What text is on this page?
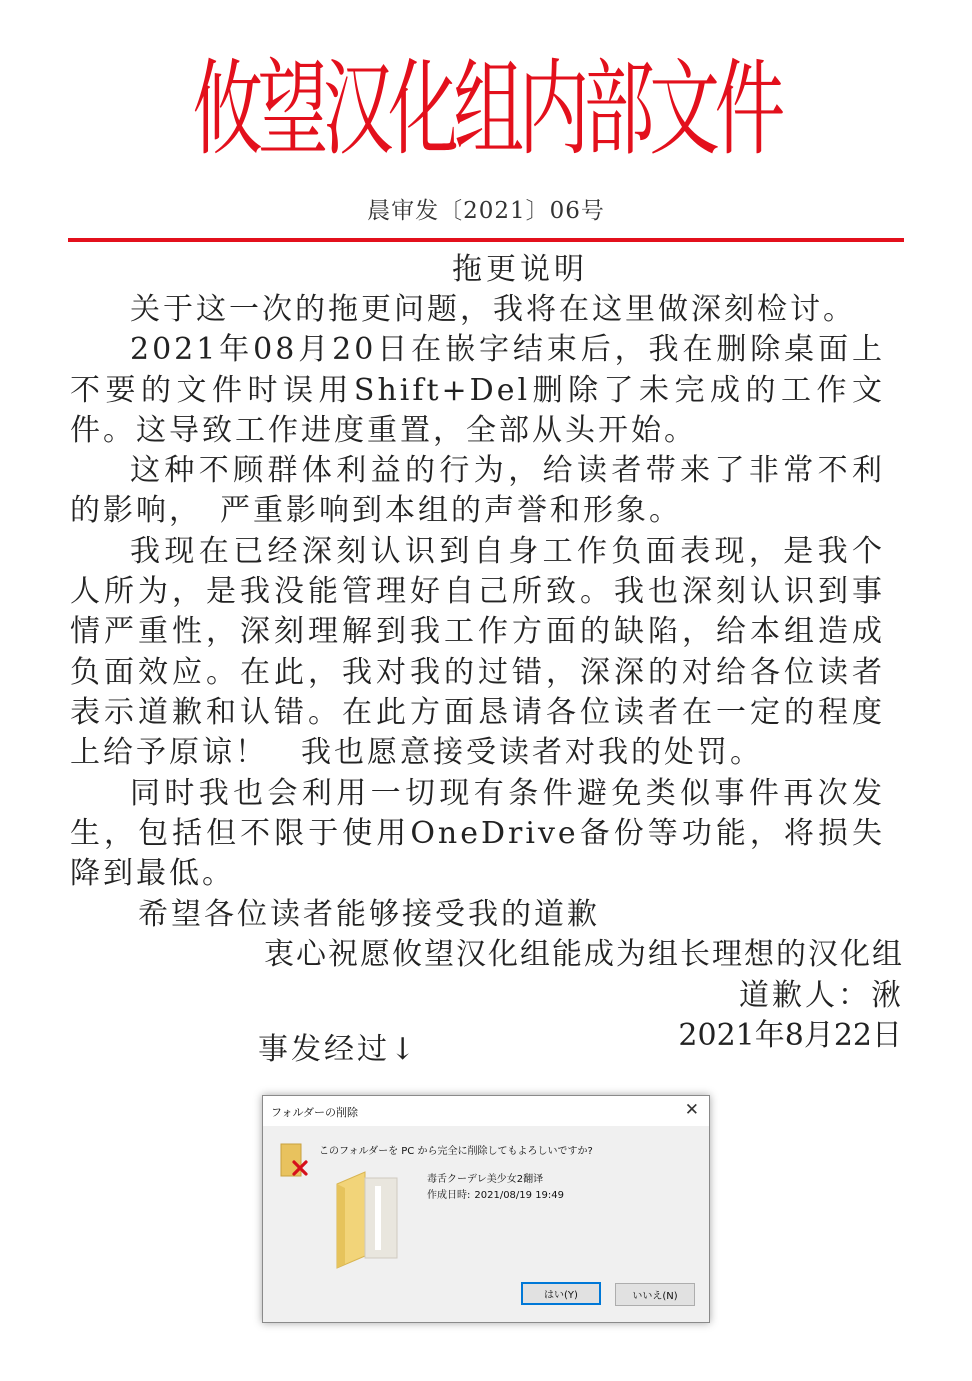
攸望汉化组内部文件
晨审发〔2021〕06号
拖更说明

关于这一次的拖更问题，我将在这里做深刻检讨。

2021年08月20日在嵌字结束后，我在删除桌面上不要的文件时误用Shift+Del删除了未完成的工作文件。这导致工作进度重置，全部从头开始。

这种不顾群体利益的行为，给读者带来了非常不利的影响，　严重影响到本组的声誉和形象。

我现在已经深刻认识到自身工作负面表现，是我个人所为，是我没能管理好自己所致。我也深刻认识到事情严重性，深刻理解到我工作方面的缺陷，给本组造成负面效应。在此，我对我的过错，深深的对给各位读者表示道歉和认错。在此方面恳请各位读者在一定的程度上给予原谅！　我也愿意接受读者对我的处罚。

同时我也会利用一切现有条件避免类似事件再次发生，包括但不限于使用OneDrive备份等功能，将损失降到最低。

希望各位读者能够接受我的道歉
衷心祝愿攸望汉化组能成为组长理想的汉化组
道歉人：湫
2021年8月22日
事发经过↓
フォルダーの削除	✕
このフォルダーを PC から完全に削除してもよろしいですか?
毒舌クーデレ美少女2翻译
作成日時: 2021/08/19 19:49
はい(Y)	いいえ(N)
